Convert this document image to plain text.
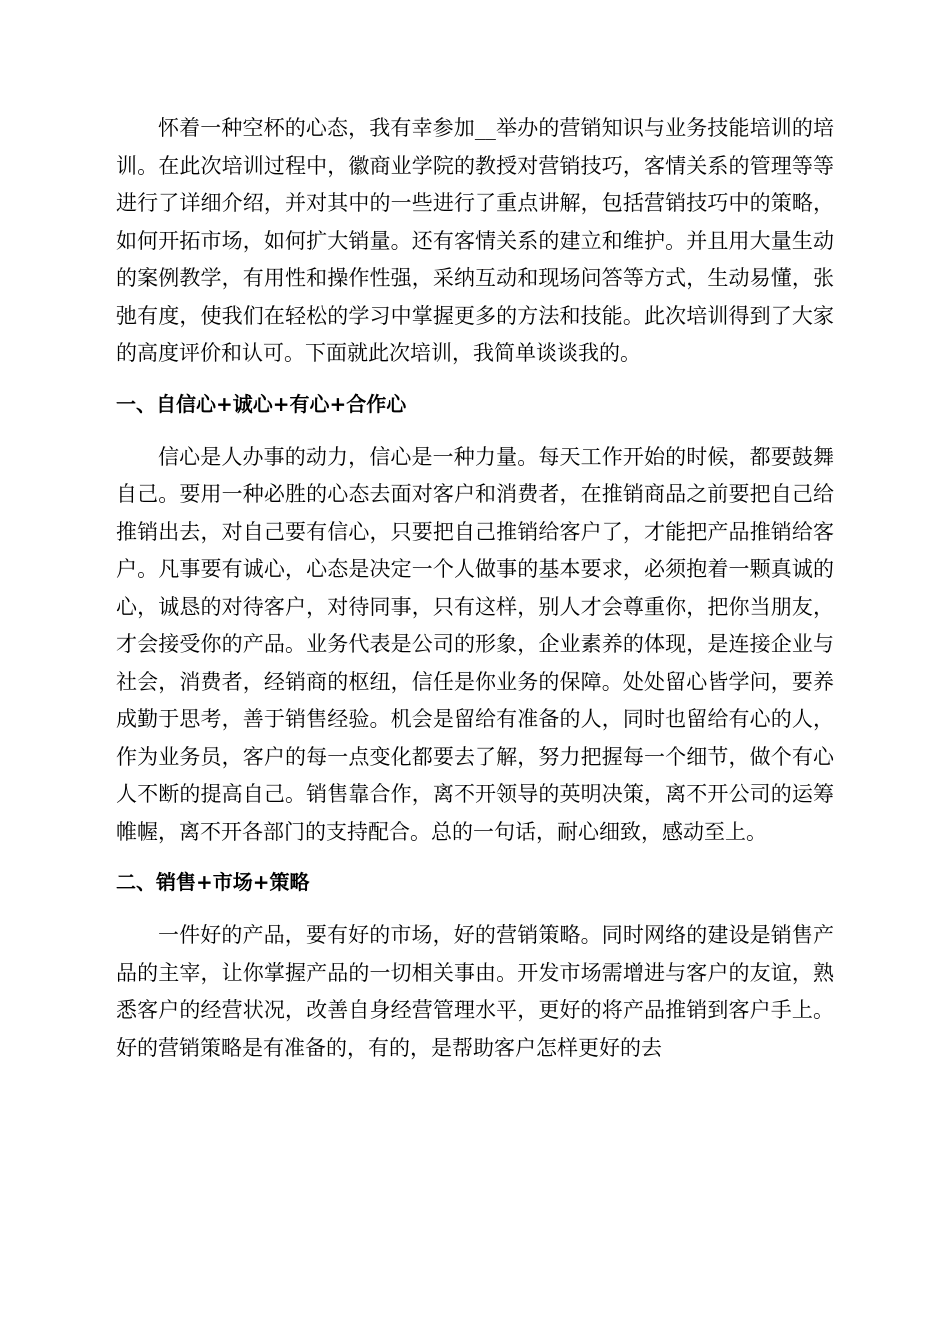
怀着一种空杯的心态，我有幸参加__举办的营销知识与业务技能培训的培训。在此次培训过程中，徽商业学院的教授对营销技巧，客情关系的管理等等进行了详细介绍，并对其中的一些进行了重点讲解，包括营销技巧中的策略，如何开拓市场，如何扩大销量。还有客情关系的建立和维护。并且用大量生动的案例教学，有用性和操作性强，采纳互动和现场问答等方式，生动易懂，张弛有度，使我们在轻松的学习中掌握更多的方法和技能。此次培训得到了大家的高度评价和认可。下面就此次培训，我简单谈谈我的。

一、自信心+诚心+有心+合作心

信心是人办事的动力，信心是一种力量。每天工作开始的时候，都要鼓舞自己。要用一种必胜的心态去面对客户和消费者，在推销商品之前要把自己给推销出去，对自己要有信心，只要把自己推销给客户了，才能把产品推销给客户。凡事要有诚心，心态是决定一个人做事的基本要求，必须抱着一颗真诚的心，诚恳的对待客户，对待同事，只有这样，别人才会尊重你，把你当朋友，才会接受你的产品。业务代表是公司的形象，企业素养的体现，是连接企业与社会，消费者，经销商的枢纽，信任是你业务的保障。处处留心皆学问，要养成勤于思考，善于销售经验。机会是留给有准备的人，同时也留给有心的人，作为业务员，客户的每一点变化都要去了解，努力把握每一个细节，做个有心人不断的提高自己。销售靠合作，离不开领导的英明决策，离不开公司的运筹帷幄，离不开各部门的支持配合。总的一句话，耐心细致，感动至上。

二、销售+市场+策略

一件好的产品，要有好的市场，好的营销策略。同时网络的建设是销售产品的主宰，让你掌握产品的一切相关事由。开发市场需增进与客户的友谊，熟悉客户的经营状况，改善自身经营管理水平，更好的将产品推销到客户手上。好的营销策略是有准备的，有的，是帮助客户怎样更好的去
